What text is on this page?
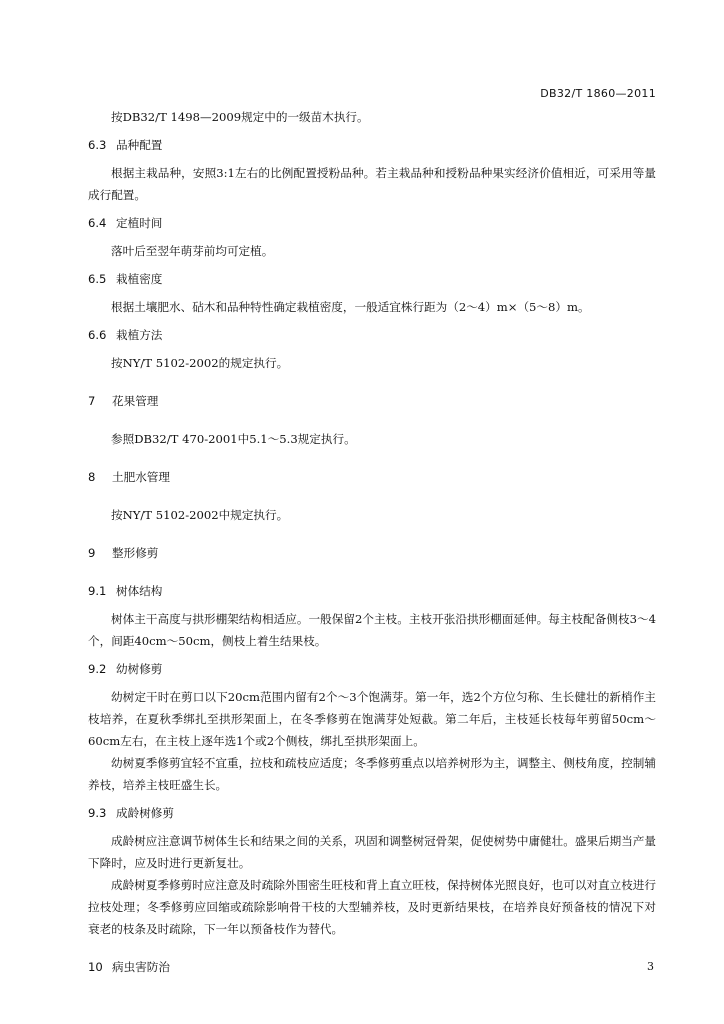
DB32/T 1860—2011

按DB32/T 1498—2009规定中的一级苗木执行。

6.3 品种配置

根据主栽品种，安照3:1左右的比例配置授粉品种。若主栽品种和授粉品种果实经济价值相近，可采用等量成行配置。

6.4 定植时间

落叶后至翌年萌芽前均可定植。

6.5 栽植密度

根据土壤肥水、砧木和品种特性确定栽植密度，一般适宜株行距为（2～4）m×（5～8）m。

6.6 栽植方法

按NY/T 5102-2002的规定执行。

7 花果管理

参照DB32/T 470-2001中5.1～5.3规定执行。

8 土肥水管理

按NY/T 5102-2002中规定执行。

9 整形修剪
9.1 树体结构

树体主干高度与拱形棚架结构相适应。一般保留2个主枝。主枝开张沿拱形棚面延伸。每主枝配备侧枝3～4个，间距40cm～50cm，侧枝上着生结果枝。

9.2 幼树修剪

幼树定干时在剪口以下20cm范围内留有2个～3个饱满芽。第一年，选2个方位匀称、生长健壮的新梢作主枝培养，在夏秋季绑扎至拱形架面上，在冬季修剪在饱满芽处短截。第二年后，主枝延长枝每年剪留50cm～60cm左右，在主枝上逐年选1个或2个侧枝，绑扎至拱形架面上。

幼树夏季修剪宜轻不宜重，拉枝和疏枝应适度；冬季修剪重点以培养树形为主，调整主、侧枝角度，控制辅养枝，培养主枝旺盛生长。

9.3 成龄树修剪

成龄树应注意调节树体生长和结果之间的关系，巩固和调整树冠骨架，促使树势中庸健壮。盛果后期当产量下降时，应及时进行更新复壮。

成龄树夏季修剪时应注意及时疏除外围密生旺枝和背上直立旺枝，保持树体光照良好，也可以对直立枝进行拉枝处理；冬季修剪应回缩或疏除影响骨干枝的大型辅养枝，及时更新结果枝，在培养良好预备枝的情况下对衰老的枝条及时疏除，下一年以预备枝作为替代。

10 病虫害防治	3
